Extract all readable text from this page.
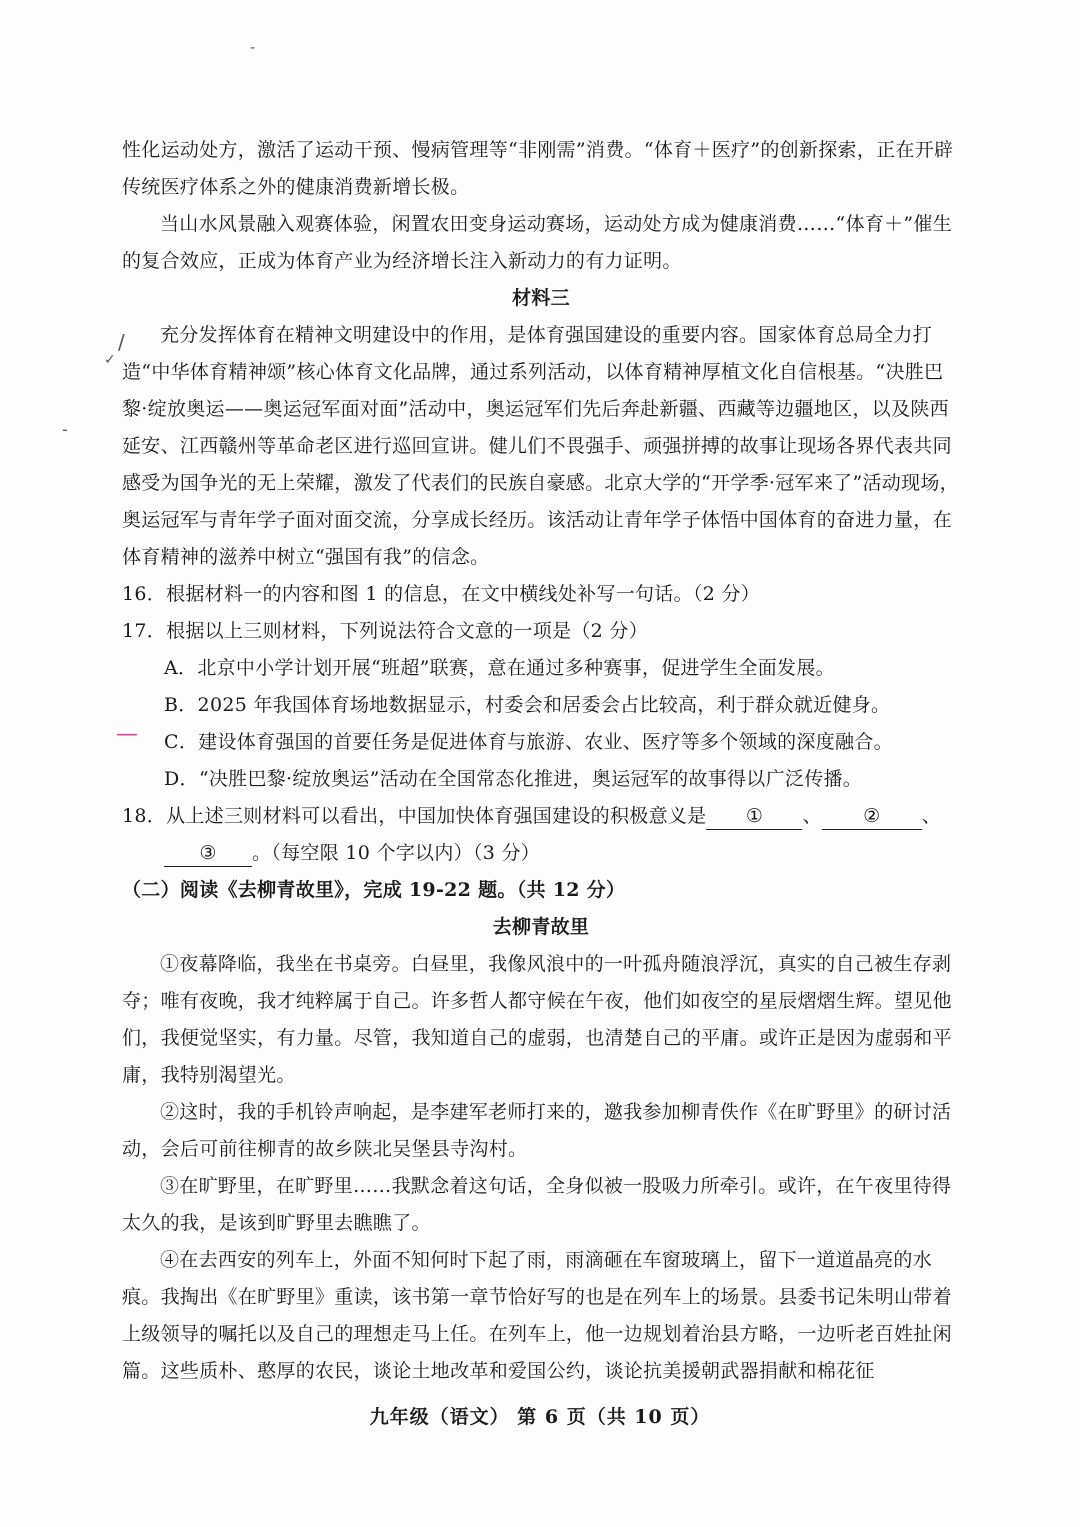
-
/
✓
-
—

性化运动处方，激活了运动干预、慢病管理等“非刚需”消费。“体育＋医疗”的创新探索，正在开辟传统医疗体系之外的健康消费新增长极。

当山水风景融入观赛体验，闲置农田变身运动赛场，运动处方成为健康消费……“体育＋”催生的复合效应，正成为体育产业为经济增长注入新动力的有力证明。

材料三

充分发挥体育在精神文明建设中的作用，是体育强国建设的重要内容。国家体育总局全力打造“中华体育精神颂”核心体育文化品牌，通过系列活动，以体育精神厚植文化自信根基。“决胜巴黎·绽放奥运——奥运冠军面对面”活动中，奥运冠军们先后奔赴新疆、西藏等边疆地区，以及陕西延安、江西赣州等革命老区进行巡回宣讲。健儿们不畏强手、顽强拼搏的故事让现场各界代表共同感受为国争光的无上荣耀，激发了代表们的民族自豪感。北京大学的“开学季·冠军来了”活动现场，奥运冠军与青年学子面对面交流，分享成长经历。该活动让青年学子体悟中国体育的奋进力量，在体育精神的滋养中树立“强国有我”的信念。

16．根据材料一的内容和图 1 的信息，在文中横线处补写一句话。（2 分）

17．根据以上三则材料，下列说法符合文意的一项是（2 分）

A．北京中小学计划开展“班超”联赛，意在通过多种赛事，促进学生全面发展。

B．2025 年我国体育场地数据显示，村委会和居委会占比较高，利于群众就近健身。

C．建设体育强国的首要任务是促进体育与旅游、农业、医疗等多个领域的深度融合。

D．“决胜巴黎·绽放奥运”活动在全国常态化推进，奥运冠军的故事得以广泛传播。

18．从上述三则材料可以看出，中国加快体育强国建设的积极意义是 ① 、 ② 、

③ 。（每空限 10 个字以内）（3 分）

（二）阅读《去柳青故里》，完成 19-22 题。（共 12 分）

去柳青故里

①夜幕降临，我坐在书桌旁。白昼里，我像风浪中的一叶孤舟随浪浮沉，真实的自己被生存剥夺；唯有夜晚，我才纯粹属于自己。许多哲人都守候在午夜，他们如夜空的星辰熠熠生辉。望见他们，我便觉坚实，有力量。尽管，我知道自己的虚弱，也清楚自己的平庸。或许正是因为虚弱和平庸，我特别渴望光。

②这时，我的手机铃声响起，是李建军老师打来的，邀我参加柳青佚作《在旷野里》的研讨活动，会后可前往柳青的故乡陕北吴堡县寺沟村。

③在旷野里，在旷野里……我默念着这句话，全身似被一股吸力所牵引。或许，在午夜里待得太久的我，是该到旷野里去瞧瞧了。

④在去西安的列车上，外面不知何时下起了雨，雨滴砸在车窗玻璃上，留下一道道晶亮的水痕。我掏出《在旷野里》重读，该书第一章节恰好写的也是在列车上的场景。县委书记朱明山带着上级领导的嘱托以及自己的理想走马上任。在列车上，他一边规划着治县方略，一边听老百姓扯闲篇。这些质朴、憨厚的农民，谈论土地改革和爱国公约，谈论抗美援朝武器捐献和棉花征

九年级（语文） 第 6 页（共 10 页）
